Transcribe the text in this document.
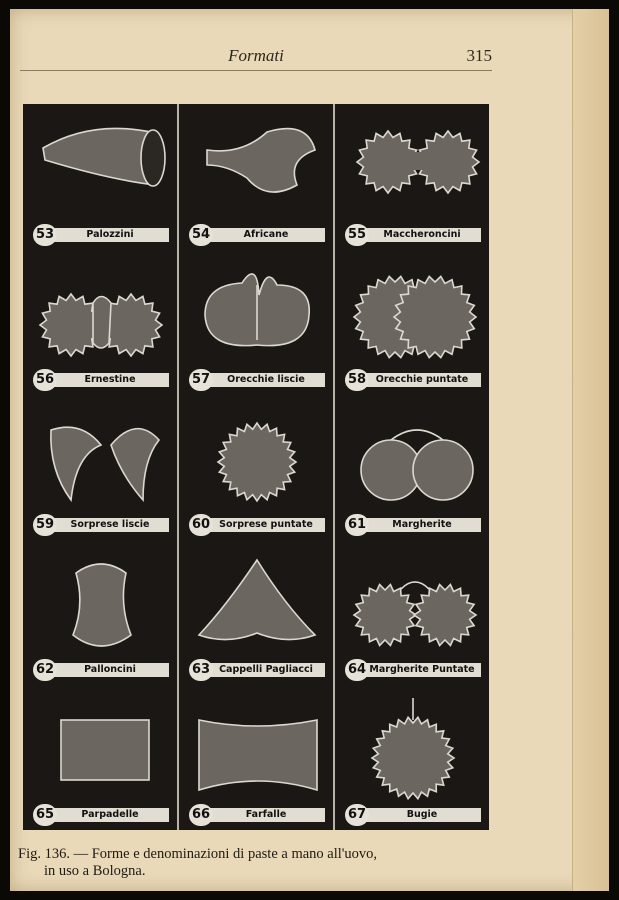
Formati	315
Palozzini
53	Africane
54	Maccheroncini
55
Ernestine
56	Orecchie liscie
57	Orecchie puntate
58
Sorprese liscie
59	Sorprese puntate
60	Margherite
61
Palloncini
62	Cappelli Pagliacci
63	Margherite Puntate
64
Parpadelle
65	Farfalle
66	Bugie
67
Fig. 136. — Forme e denominazioni di paste a mano all'uovo,
in uso a Bologna.
